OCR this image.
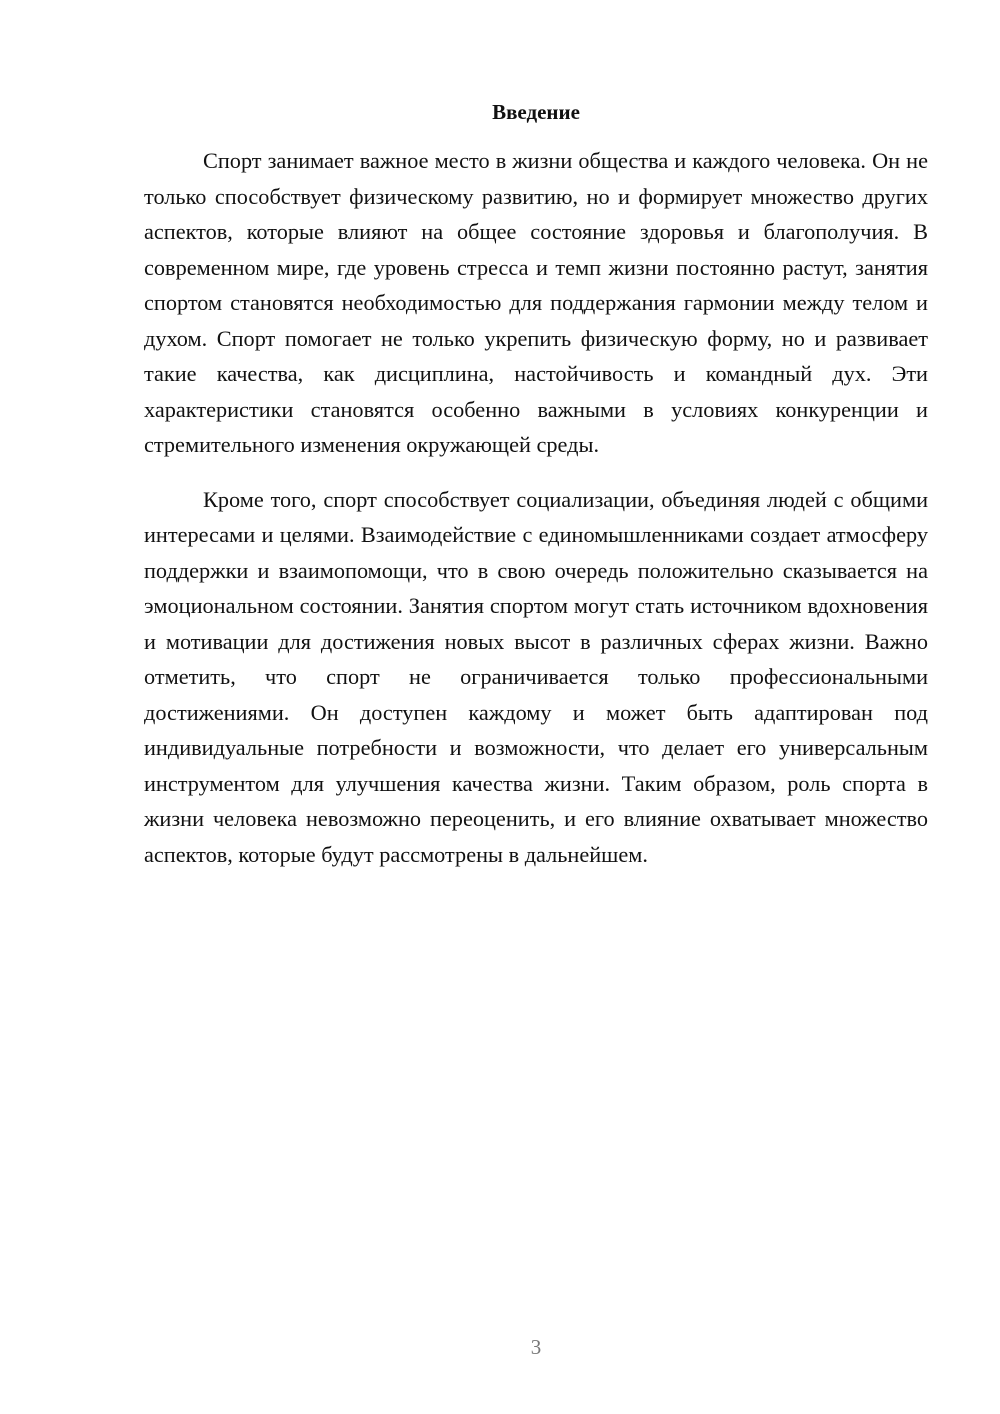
Введение

Спорт занимает важное место в жизни общества и каждого человека. Он не только способствует физическому развитию, но и формирует множество других аспектов, которые влияют на общее состояние здоровья и благополучия. В современном мире, где уровень стресса и темп жизни постоянно растут, занятия спортом становятся необходимостью для поддержания гармонии между телом и духом. Спорт помогает не только укрепить физическую форму, но и развивает такие качества, как дисциплина, настойчивость и командный дух. Эти характеристики становятся особенно важными в условиях конкуренции и стремительного изменения окружающей среды.

Кроме того, спорт способствует социализации, объединяя людей с общими интересами и целями. Взаимодействие с единомышленниками создает атмосферу поддержки и взаимопомощи, что в свою очередь положительно сказывается на эмоциональном состоянии. Занятия спортом могут стать источником вдохновения и мотивации для достижения новых высот в различных сферах жизни. Важно отметить, что спорт не ограничивается только профессиональными достижениями. Он доступен каждому и может быть адаптирован под индивидуальные потребности и возможности, что делает его универсальным инструментом для улучшения качества жизни. Таким образом, роль спорта в жизни человека невозможно переоценить, и его влияние охватывает множество аспектов, которые будут рассмотрены в дальнейшем.

3
